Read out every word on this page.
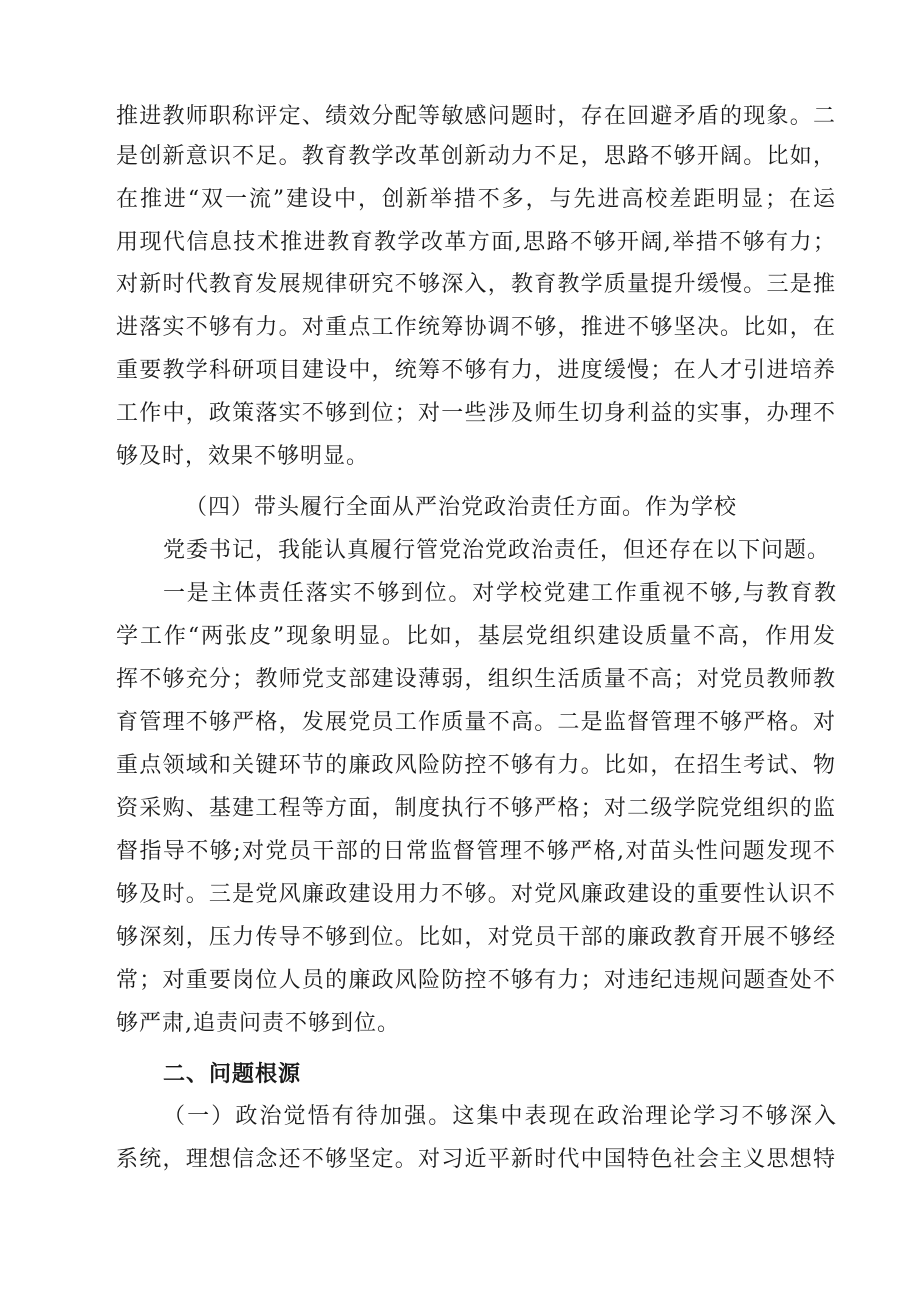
推进教师职称评定、绩效分配等敏感问题时，存在回避矛盾的现象。二
是创新意识不足。教育教学改革创新动力不足，思路不够开阔。比如，
在推进“双一流”建设中，创新举措不多，与先进高校差距明显；在运
用现代信息技术推进教育教学改革方面,思路不够开阔,举措不够有力；
对新时代教育发展规律研究不够深入，教育教学质量提升缓慢。三是推
进落实不够有力。对重点工作统筹协调不够，推进不够坚决。比如，在
重要教学科研项目建设中，统筹不够有力，进度缓慢；在人才引进培养
工作中，政策落实不够到位；对一些涉及师生切身利益的实事，办理不
够及时，效果不够明显。
（四）带头履行全面从严治党政治责任方面。作为学校
党委书记，我能认真履行管党治党政治责任，但还存在以下问题。
一是主体责任落实不够到位。对学校党建工作重视不够,与教育教
学工作“两张皮”现象明显。比如，基层党组织建设质量不高，作用发
挥不够充分；教师党支部建设薄弱，组织生活质量不高；对党员教师教
育管理不够严格，发展党员工作质量不高。二是监督管理不够严格。对
重点领域和关键环节的廉政风险防控不够有力。比如，在招生考试、物
资采购、基建工程等方面，制度执行不够严格；对二级学院党组织的监
督指导不够;对党员干部的日常监督管理不够严格,对苗头性问题发现不
够及时。三是党风廉政建设用力不够。对党风廉政建设的重要性认识不
够深刻，压力传导不够到位。比如，对党员干部的廉政教育开展不够经
常；对重要岗位人员的廉政风险防控不够有力；对违纪违规问题查处不
够严肃,追责问责不够到位。
二、问题根源
（一）政治觉悟有待加强。这集中表现在政治理论学习不够深入
系统，理想信念还不够坚定。对习近平新时代中国特色社会主义思想特
